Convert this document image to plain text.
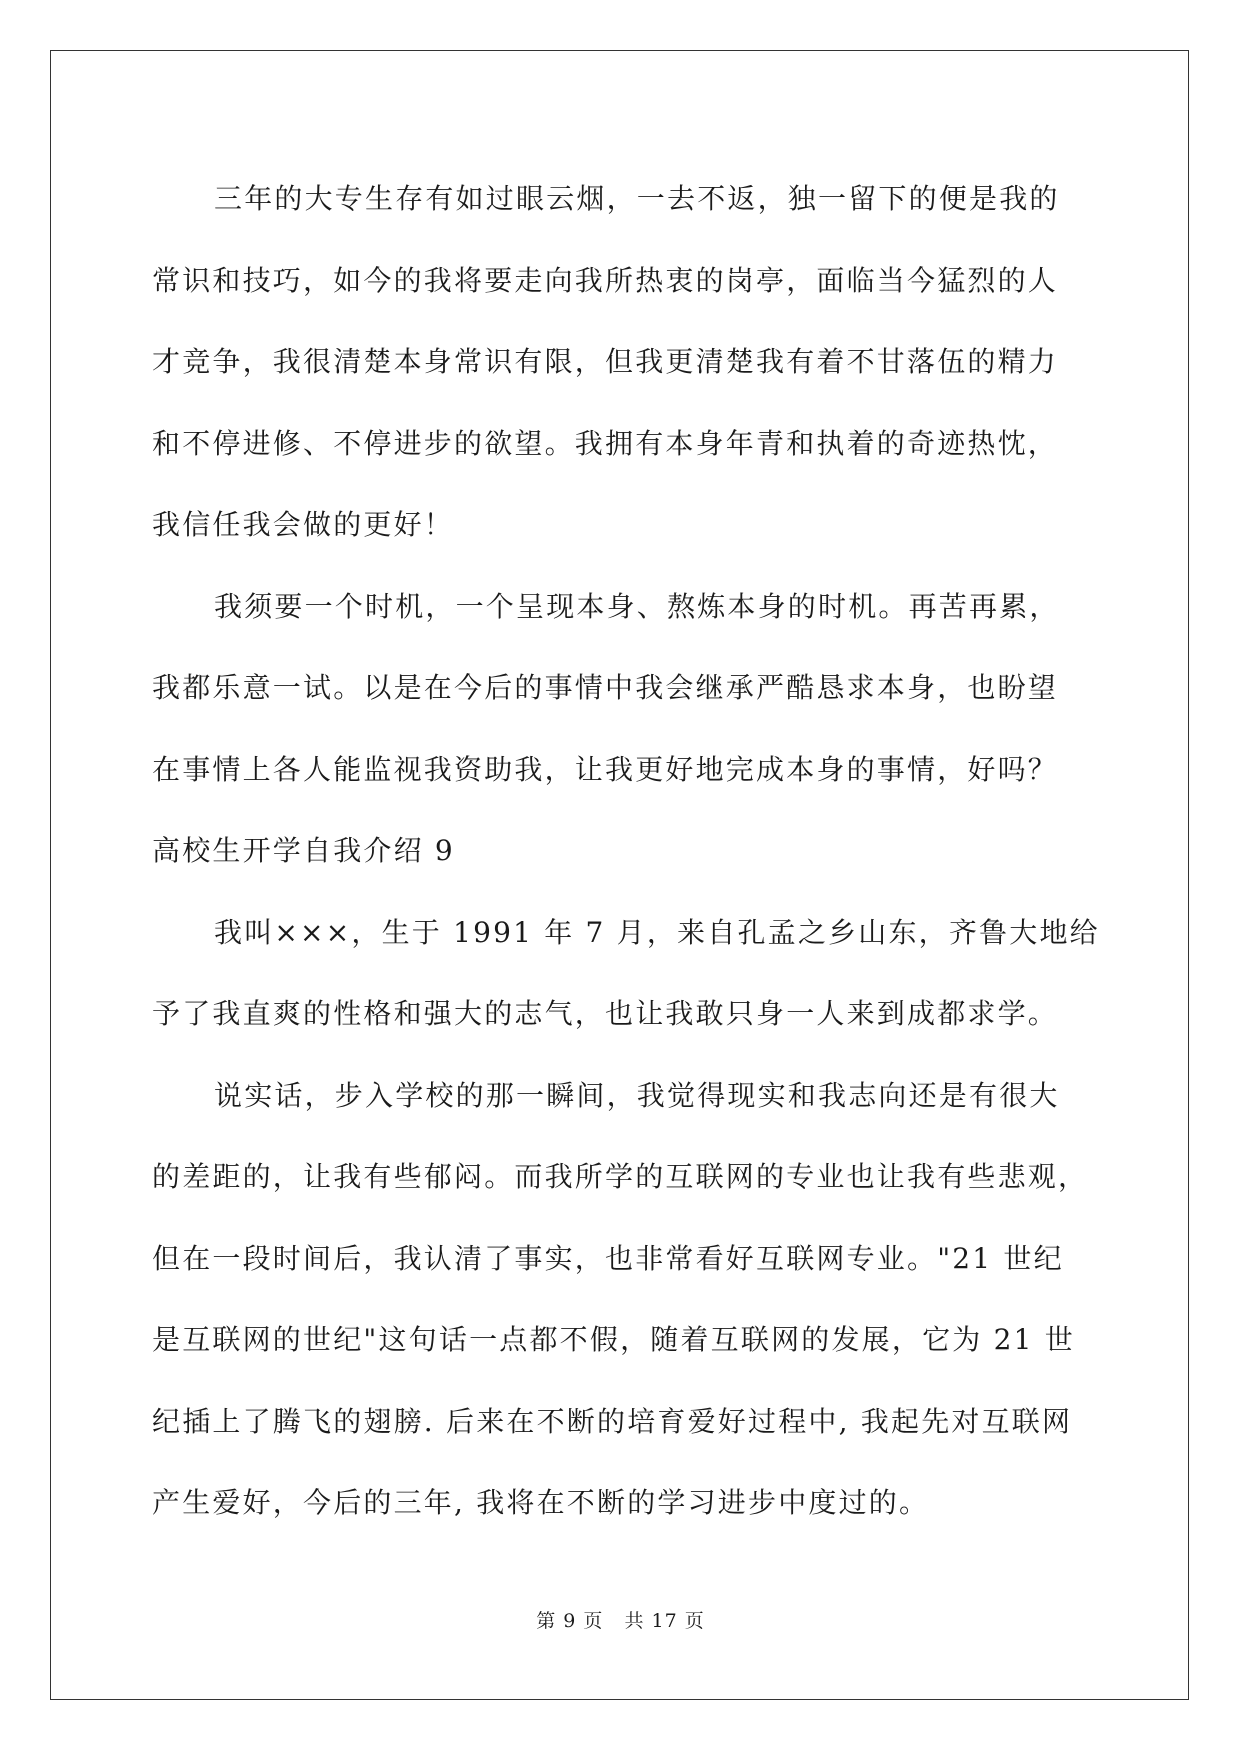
三年的大专生存有如过眼云烟，一去不返，独一留下的便是我的
常识和技巧，如今的我将要走向我所热衷的岗亭，面临当今猛烈的人
才竞争，我很清楚本身常识有限，但我更清楚我有着不甘落伍的精力
和不停进修、不停进步的欲望。我拥有本身年青和执着的奇迹热忱，
我信任我会做的更好！

我须要一个时机，一个呈现本身、熬炼本身的时机。再苦再累，
我都乐意一试。以是在今后的事情中我会继承严酷恳求本身，也盼望
在事情上各人能监视我资助我，让我更好地完成本身的事情，好吗？

高校生开学自我介绍 9

我叫×××，生于 1991 年 7 月，来自孔孟之乡山东，齐鲁大地给
予了我直爽的性格和强大的志气，也让我敢只身一人来到成都求学。

说实话，步入学校的那一瞬间，我觉得现实和我志向还是有很大
的差距的，让我有些郁闷。而我所学的互联网的专业也让我有些悲观，
但在一段时间后，我认清了事实，也非常看好互联网专业。"21 世纪
是互联网的世纪"这句话一点都不假，随着互联网的发展，它为 21 世
纪插上了腾飞的翅膀. 后来在不断的培育爱好过程中, 我起先对互联网
产生爱好，今后的三年, 我将在不断的学习进步中度过的。

第 9 页 共 17 页
